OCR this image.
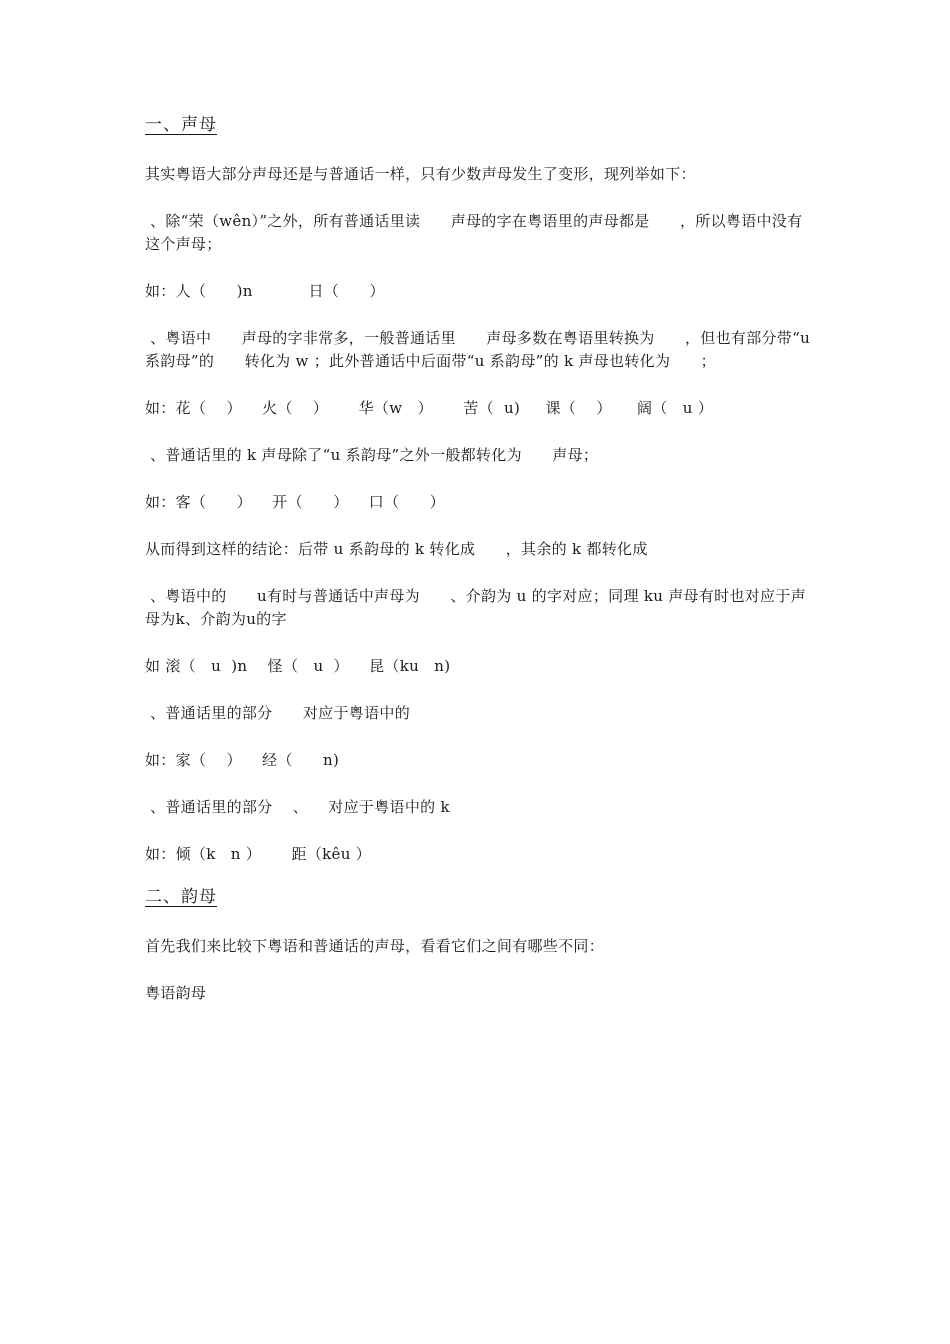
一、声母

其实粤语大部分声母还是与普通话一样，只有少数声母发生了变形，现列举如下：

、除“荣（wên）”之外，所有普通话里读      声母的字在粤语里的声母都是      ，所以粤语中没有      这个声母；

如：人（      )n           日（      ）

、粤语中      声母的字非常多，一般普通话里      声母多数在粤语里转换为      ，但也有部分带“u 系韵母”的      转化为 w ；此外普通话中后面带“u 系韵母”的 k 声母也转化为      ；

如：花（    ）    火（    ）      华（w   ）      苦（  u)     课（    ）     阔（   u ）

、普通话里的 k 声母除了“u 系韵母”之外一般都转化为      声母；

如：客（      ）    开（      ）    口（      ）

从而得到这样的结论：后带 u 系韵母的 k 转化成      ，其余的 k 都转化成

、粤语中的      u有时与普通话中声母为      、介韵为 u 的字对应；同理 ku 声母有时也对应于声母为k、介韵为u的字

如 滚（   u  )n    怪（   u  ）    昆（ku   n)

、普通话里的部分      对应于粤语中的

如：家（    ）    经（      n)

、普通话里的部分    、    对应于粤语中的 k

如：倾（k   n ）      距（kêu ）

二、韵母

首先我们来比较下粤语和普通话的声母，看看它们之间有哪些不同：

粤语韵母
